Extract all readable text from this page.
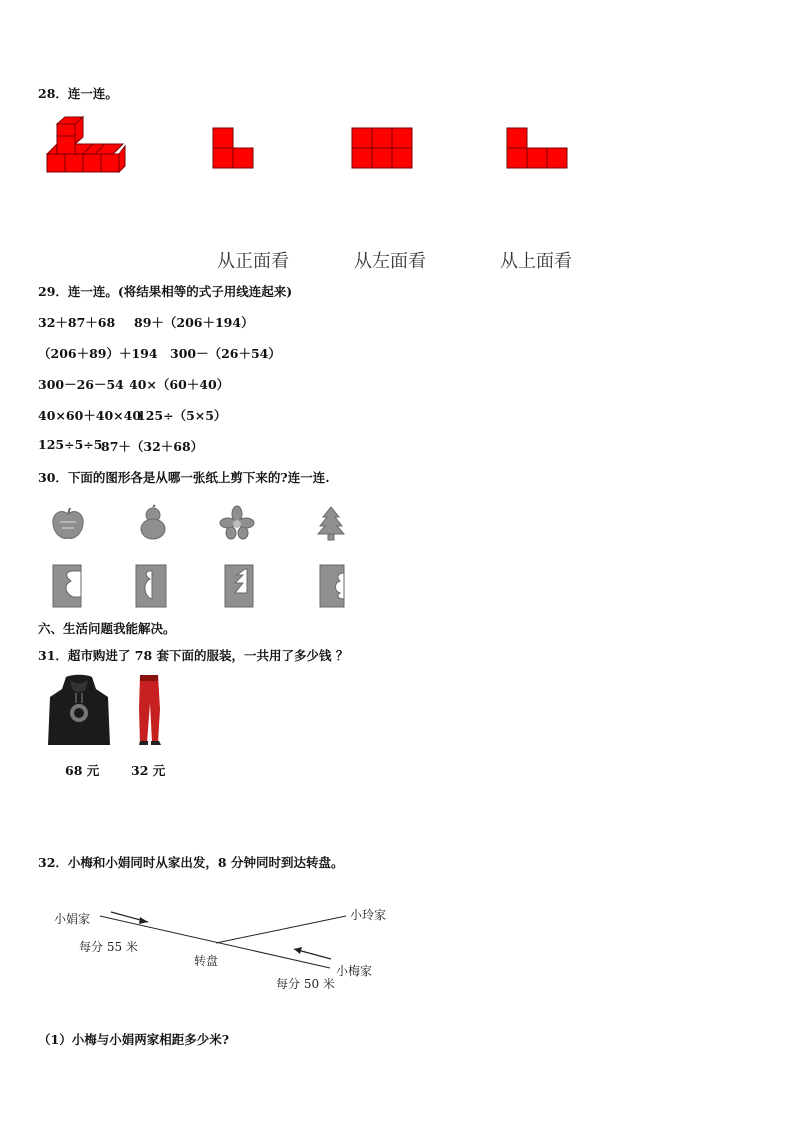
28．连一连。
从正面看	从左面看	从上面看
29．连一连。(将结果相等的式子用线连起来)
32＋87＋68 89＋（206＋194）
（206＋89）＋194 300－（26＋54）
300－26－54 40×（60＋40）
40×60＋40×40
125÷（5×5）
125÷5÷5
87＋（32＋68）
30．下面的图形各是从哪一张纸上剪下来的?连一连.
六、生活问题我能解决。
31．超市购进了 78 套下面的服装，一共用了多少钱 ？
68 元	32 元
32．小梅和小娟同时从家出发，8 分钟同时到达转盘。
小娟家	小玲家
每分 55 米
转盘
小梅家
每分 50 米
（1）小梅与小娟两家相距多少米?
